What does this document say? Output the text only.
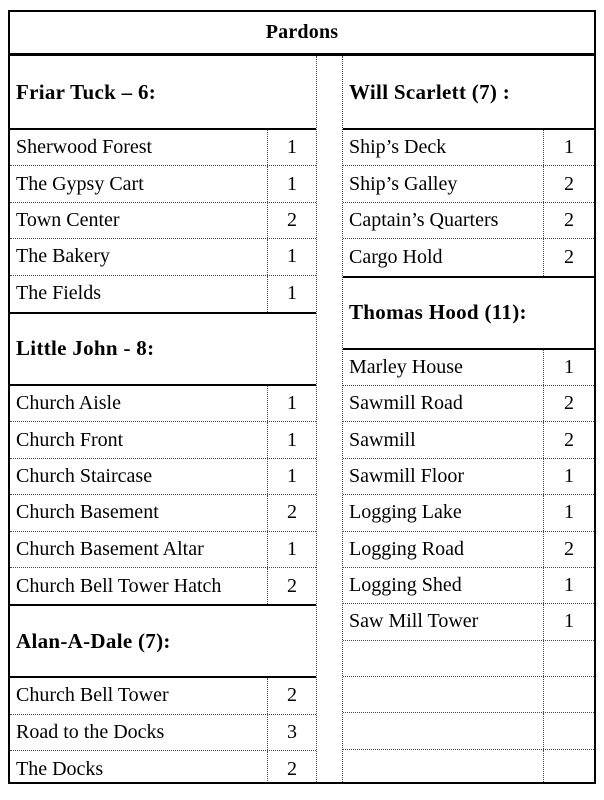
Pardons
Friar Tuck – 6:
Sherwood Forest	1
The Gypsy Cart	1
Town Center	2
The Bakery	1
The Fields	1
Little John - 8:
Church Aisle	1
Church Front	1
Church Staircase	1
Church Basement	2
Church Basement Altar	1
Church Bell Tower Hatch	2
Alan-A-Dale (7):
Church Bell Tower	2
Road to the Docks	3
The Docks	2
Will Scarlett (7) :
Ship’s Deck	1
Ship’s Galley	2
Captain’s Quarters	2
Cargo Hold	2
Thomas Hood (11):
Marley House	1
Sawmill Road	2
Sawmill	2
Sawmill Floor	1
Logging Lake	1
Logging Road	2
Logging Shed	1
Saw Mill Tower	1
